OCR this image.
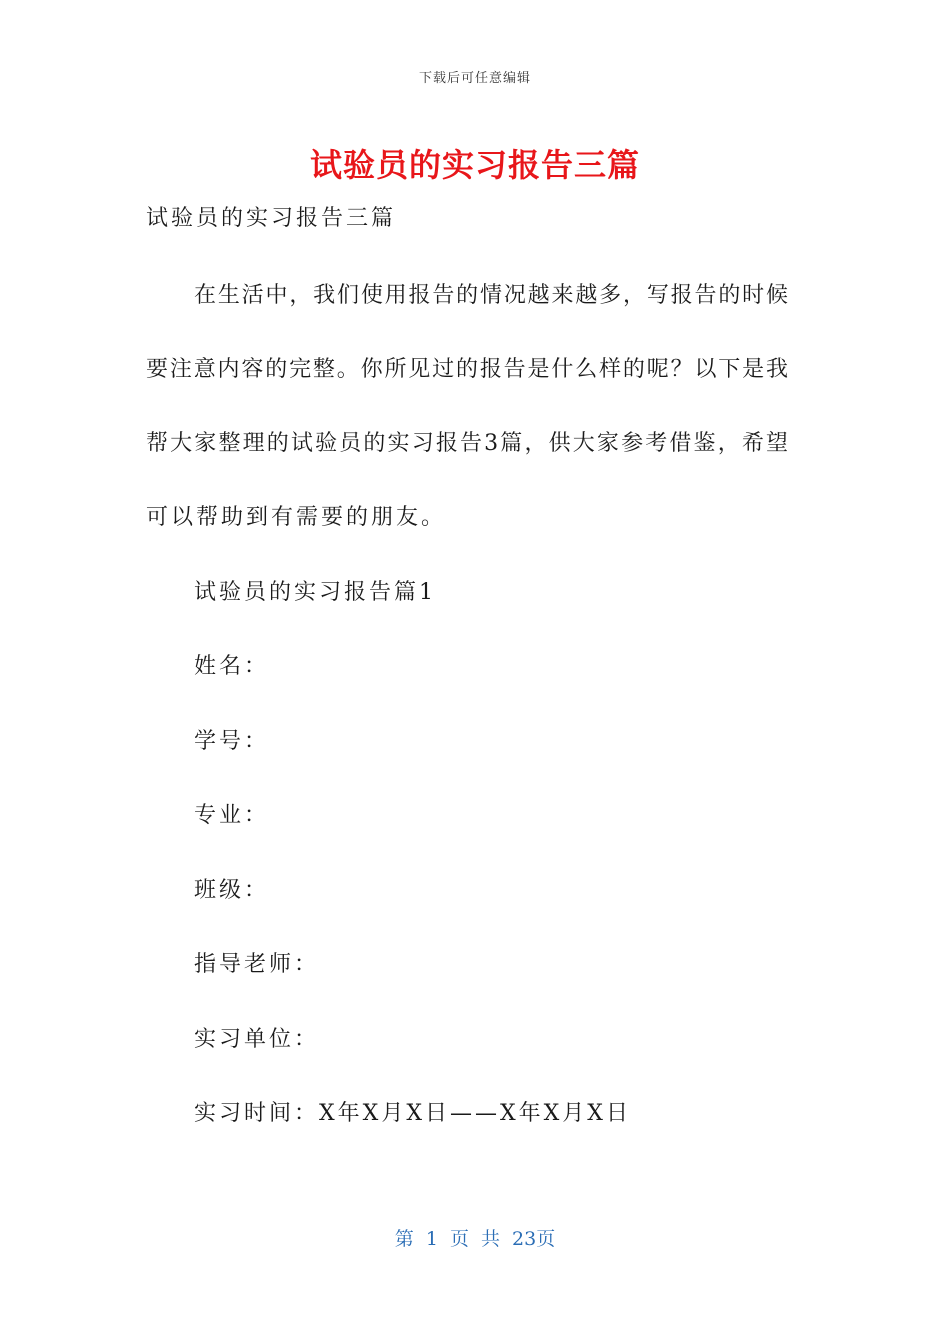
下载后可任意编辑
试验员的实习报告三篇
试验员的实习报告三篇
在生活中，我们使用报告的情况越来越多，写报告的时候
要注意内容的完整。你所见过的报告是什么样的呢？以下是我
帮大家整理的试验员的实习报告3篇，供大家参考借鉴，希望
可以帮助到有需要的朋友。
试验员的实习报告篇1
姓名：
学号：
专业：
班级：
指导老师：
实习单位：
实习时间：X年X月X日——X年X月X日
第 1 页 共 23页
